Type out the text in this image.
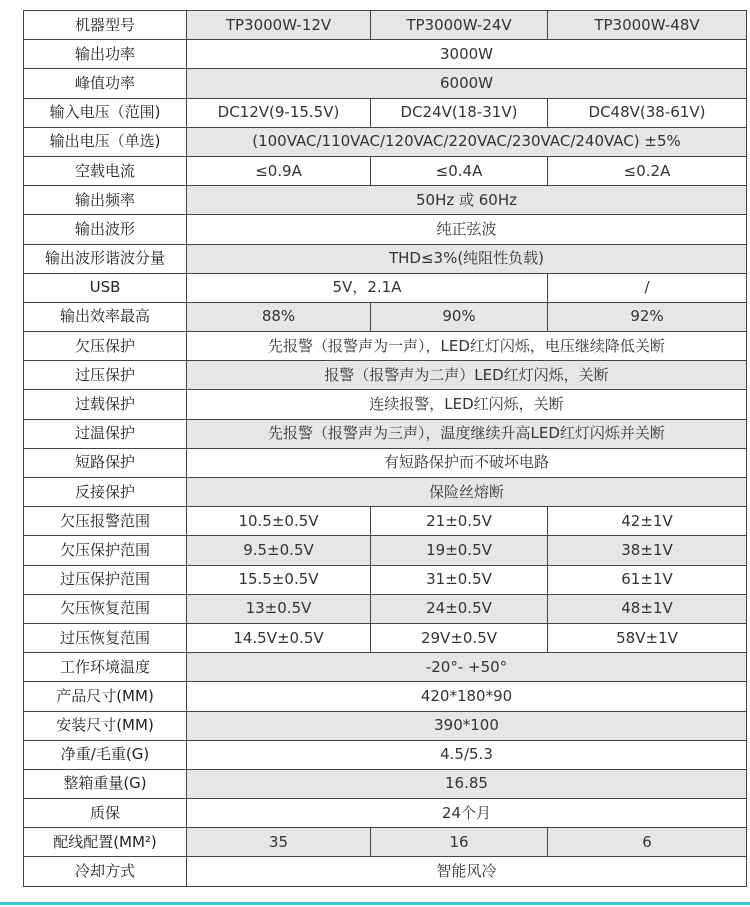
机器型号	TP3000W-12V	TP3000W-24V	TP3000W-48V
输出功率	3000W		
峰值功率	6000W		
输入电压（范围)	DC12V(9-15.5V)	DC24V(18-31V)	DC48V(38-61V)
输出电压（单选)	(100VAC/110VAC/120VAC/220VAC/230VAC/240VAC) ±5%		
空载电流	≤0.9A	≤0.4A	≤0.2A
输出频率	50Hz 或 60Hz		
输出波形	纯正弦波		
输出波形谐波分量	THD≤3%(纯阻性负载)		
USB	5V，2.1A		/
输出效率最高	88%	90%	92%
欠压保护	先报警（报警声为一声），LED红灯闪烁，电压继续降低关断		
过压保护	报警（报警声为二声）LED红灯闪烁，关断		
过载保护	连续报警，LED红闪烁，关断		
过温保护	先报警（报警声为三声），温度继续升高LED红灯闪烁并关断		
短路保护	有短路保护而不破坏电路		
反接保护	保险丝熔断		
欠压报警范围	10.5±0.5V	21±0.5V	42±1V
欠压保护范围	9.5±0.5V	19±0.5V	38±1V
过压保护范围	15.5±0.5V	31±0.5V	61±1V
欠压恢复范围	13±0.5V	24±0.5V	48±1V
过压恢复范围	14.5V±0.5V	29V±0.5V	58V±1V
工作环境温度	-20°- +50°		
产品尺寸(MM)	420*180*90		
安装尺寸(MM)	390*100		
净重/毛重(G)	4.5/5.3		
整箱重量(G)	16.85		
质保	24个月		
配线配置(MM²)	35	16	6
冷却方式	智能风冷		
